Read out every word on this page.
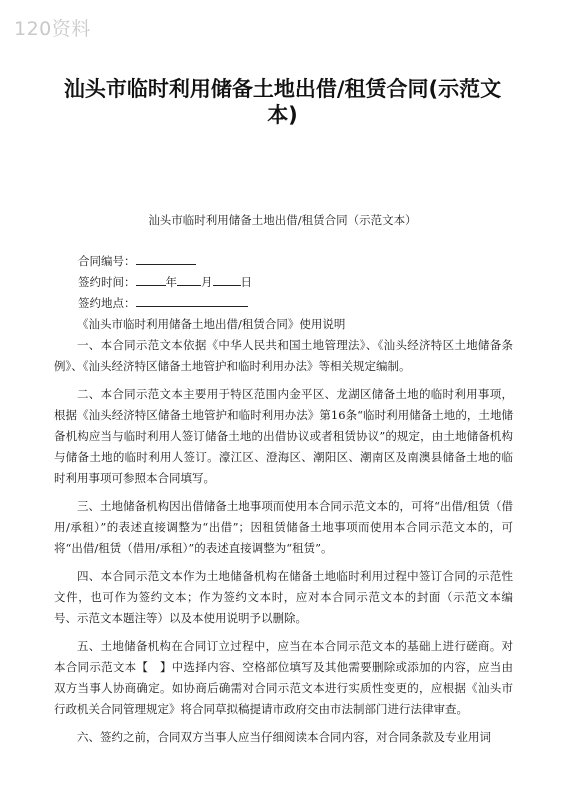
120资料
汕头市临时利用储备土地出借/租赁合同(示范文本)
汕头市临时利用储备土地出借/租赁合同（示范文本）

合同编号：

签约时间：	年 月 日

签约地点：

《汕头市临时利用储备土地出借/租赁合同》使用说明

一、本合同示范文本依据《中华人民共和国土地管理法》、《汕头经济特区土地储备条例》、《汕头经济特区储备土地管护和临时利用办法》等相关规定编制。

二、本合同示范文本主要用于特区范围内金平区、龙湖区储备土地的临时利用事项，根据《汕头经济特区储备土地管护和临时利用办法》第16条“临时利用储备土地的，土地储备机构应当与临时利用人签订储备土地的出借协议或者租赁协议”的规定，由土地储备机构与储备土地的临时利用人签订。濠江区、澄海区、潮阳区、潮南区及南澳县储备土地的临时利用事项可参照本合同填写。

三、土地储备机构因出借储备土地事项而使用本合同示范文本的，可将“出借/租赁（借用/承租）”的表述直接调整为“出借”；因租赁储备土地事项而使用本合同示范文本的，可将“出借/租赁（借用/承租）”的表述直接调整为“租赁”。

四、本合同示范文本作为土地储备机构在储备土地临时利用过程中签订合同的示范性文件，也可作为签约文本；作为签约文本时，应对本合同示范文本的封面（示范文本编号、示范文本题注等）以及本使用说明予以删除。

五、土地储备机构在合同订立过程中，应当在本合同示范文本的基础上进行磋商。对本合同示范文本【　】中选择内容、空格部位填写及其他需要删除或添加的内容，应当由双方当事人协商确定。如协商后确需对合同示范文本进行实质性变更的，应根据《汕头市行政机关合同管理规定》将合同草拟稿提请市政府交由市法制部门进行法律审查。

六、签约之前，合同双方当事人应当仔细阅读本合同内容，对合同条款及专业用词
